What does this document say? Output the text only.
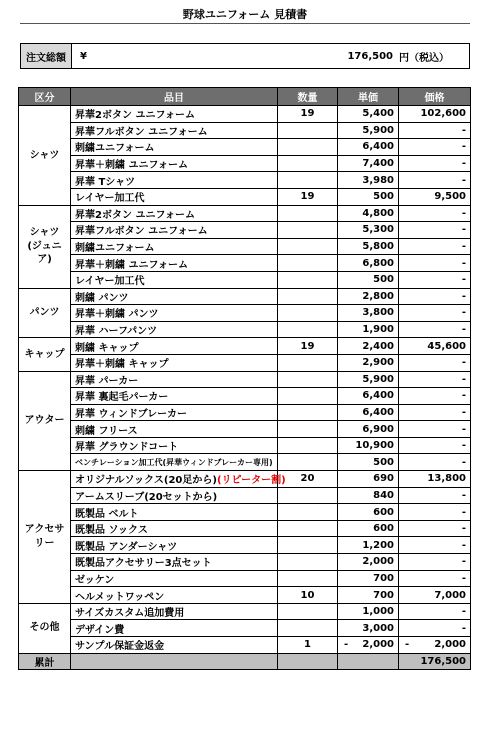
野球ユニフォーム 見積書
注文総額	¥	176,500 円（税込）
区分	品目	数量	単価	価格
シャツ	昇華2ボタン ユニフォーム	19	5,400	102,600
	昇華フルボタン ユニフォーム		5,900	-
	刺繍ユニフォーム		6,400	-
	昇華＋刺繍 ユニフォーム		7,400	-
	昇華 Tシャツ		3,980	-
	レイヤー加工代	19	500	9,500
シャツ
(ジュニア)	昇華2ボタン ユニフォーム		4,800	-
	昇華フルボタン ユニフォーム		5,300	-
	刺繍ユニフォーム		5,800	-
	昇華＋刺繍 ユニフォーム		6,800	-
	レイヤー加工代		500	-
パンツ	刺繍 パンツ		2,800	-
	昇華＋刺繍 パンツ		3,800	-
	昇華 ハーフパンツ		1,900	-
キャップ	刺繍 キャップ	19	2,400	45,600
	昇華＋刺繍 キャップ		2,900	-
アウター	昇華 パーカー		5,900	-
	昇華 裏起毛パーカー		6,400	-
	昇華 ウィンドブレーカー		6,400	-
	刺繍 フリース		6,900	-
	昇華 グラウンドコート		10,900	-
	ベンチレーション加工代(昇華ウィンドブレーカー専用)		500	-
アクセサリー	オリジナルソックス(20足から)(リピーター割)	20	690	13,800
	アームスリーブ(20セットから)		840	-
	既製品 ベルト		600	-
	既製品 ソックス		600	-
	既製品 アンダーシャツ		1,200	-
	既製品アクセサリー3点セット		2,000	-
	ゼッケン		700	-
	ヘルメットワッペン	10	700	7,000
その他	サイズカスタム追加費用		1,000	-
	デザイン費		3,000	-
	サンプル保証金返金	1	- 2,000	- 2,000
累計				176,500
